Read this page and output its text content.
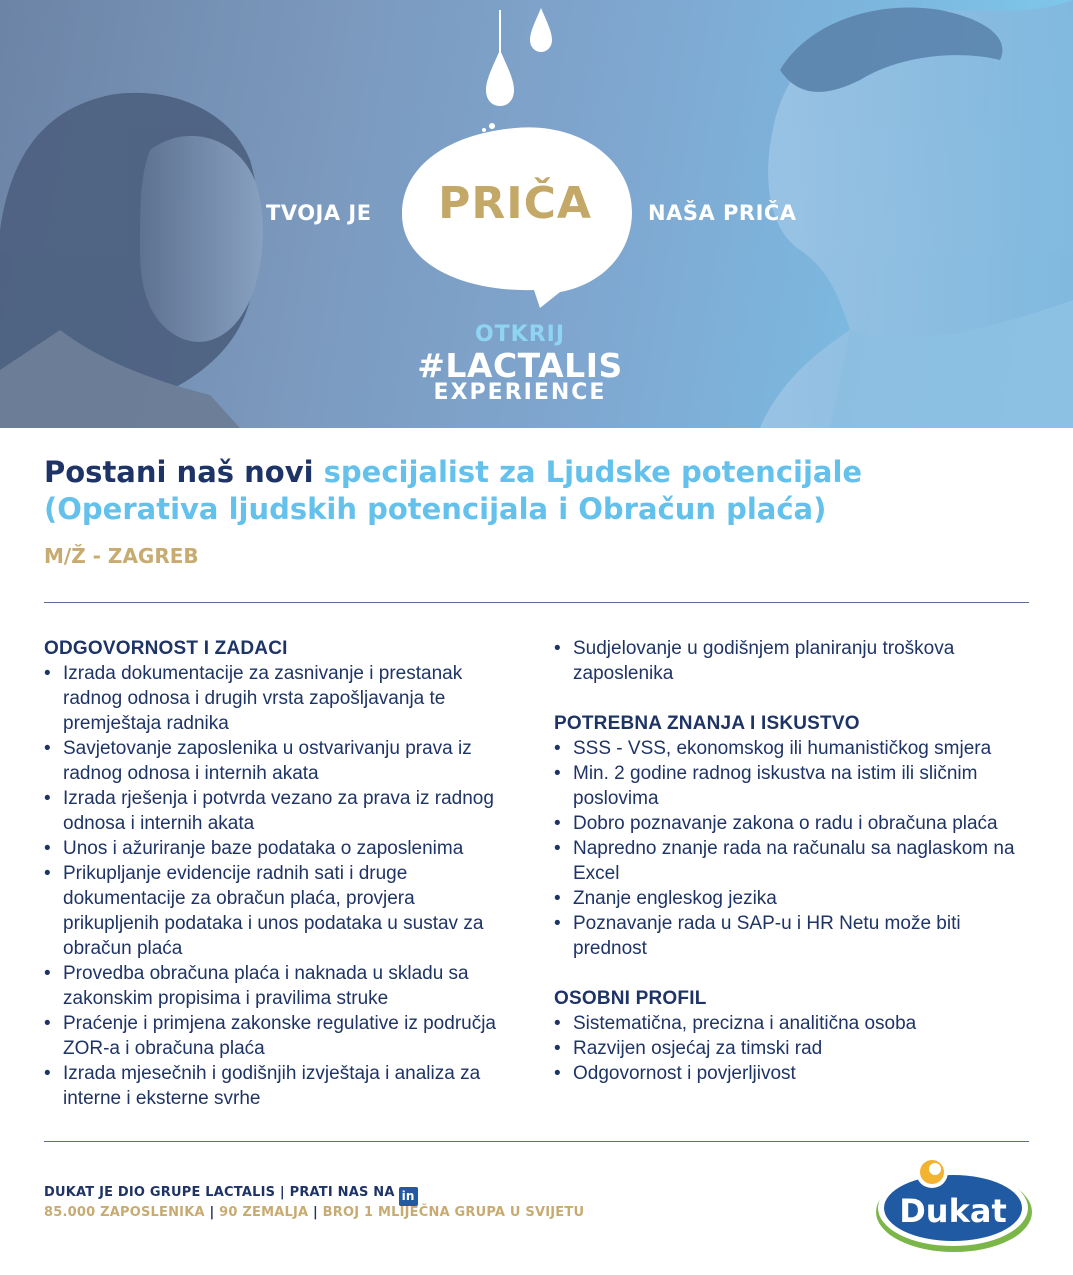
TVOJA JE	PRIČA	NAŠA PRIČA
OTKRIJ
#LACTALIS
EXPERIENCE
Postani naš novi specijalist za Ljudske potencijale
(Operativa ljudskih potencijala i Obračun plaća)
M/Ž - ZAGREB
ODGOVORNOST I ZADACI
• Izrada dokumentacije za zasnivanje i prestanak radnog odnosa i drugih vrsta zapošljavanja te premještaja radnika
• Savjetovanje zaposlenika u ostvarivanju prava iz radnog odnosa i internih akata
• Izrada rješenja i potvrda vezano za prava iz radnog odnosa i internih akata
• Unos i ažuriranje baze podataka o zaposlenima
• Prikupljanje evidencije radnih sati i druge dokumentacije za obračun plaća, provjera prikupljenih podataka i unos podataka u sustav za obračun plaća
• Provedba obračuna plaća i naknada u skladu sa zakonskim propisima i pravilima struke
• Praćenje i primjena zakonske regulative iz područja ZOR-a i obračuna plaća
• Izrada mjesečnih i godišnjih izvještaja i analiza za interne i eksterne svrhe
• Sudjelovanje u godišnjem planiranju troškova zaposlenika
POTREBNA ZNANJA I ISKUSTVO
• SSS - VSS, ekonomskog ili humanističkog smjera
• Min. 2 godine radnog iskustva na istim ili sličnim poslovima
• Dobro poznavanje zakona o radu i obračuna plaća
• Napredno znanje rada na računalu sa naglaskom na Excel
• Znanje engleskog jezika
• Poznavanje rada u SAP-u i HR Netu može biti prednost
OSOBNI PROFIL
• Sistematična, precizna i analitična osoba
• Razvijen osjećaj za timski rad
• Odgovornost i povjerljivost
DUKAT JE DIO GRUPE LACTALIS | PRATI NAS NA in
85.000 ZAPOSLENIKA | 90 ZEMALJA | BROJ 1 MLIJEČNA GRUPA U SVIJETU	Dukat
